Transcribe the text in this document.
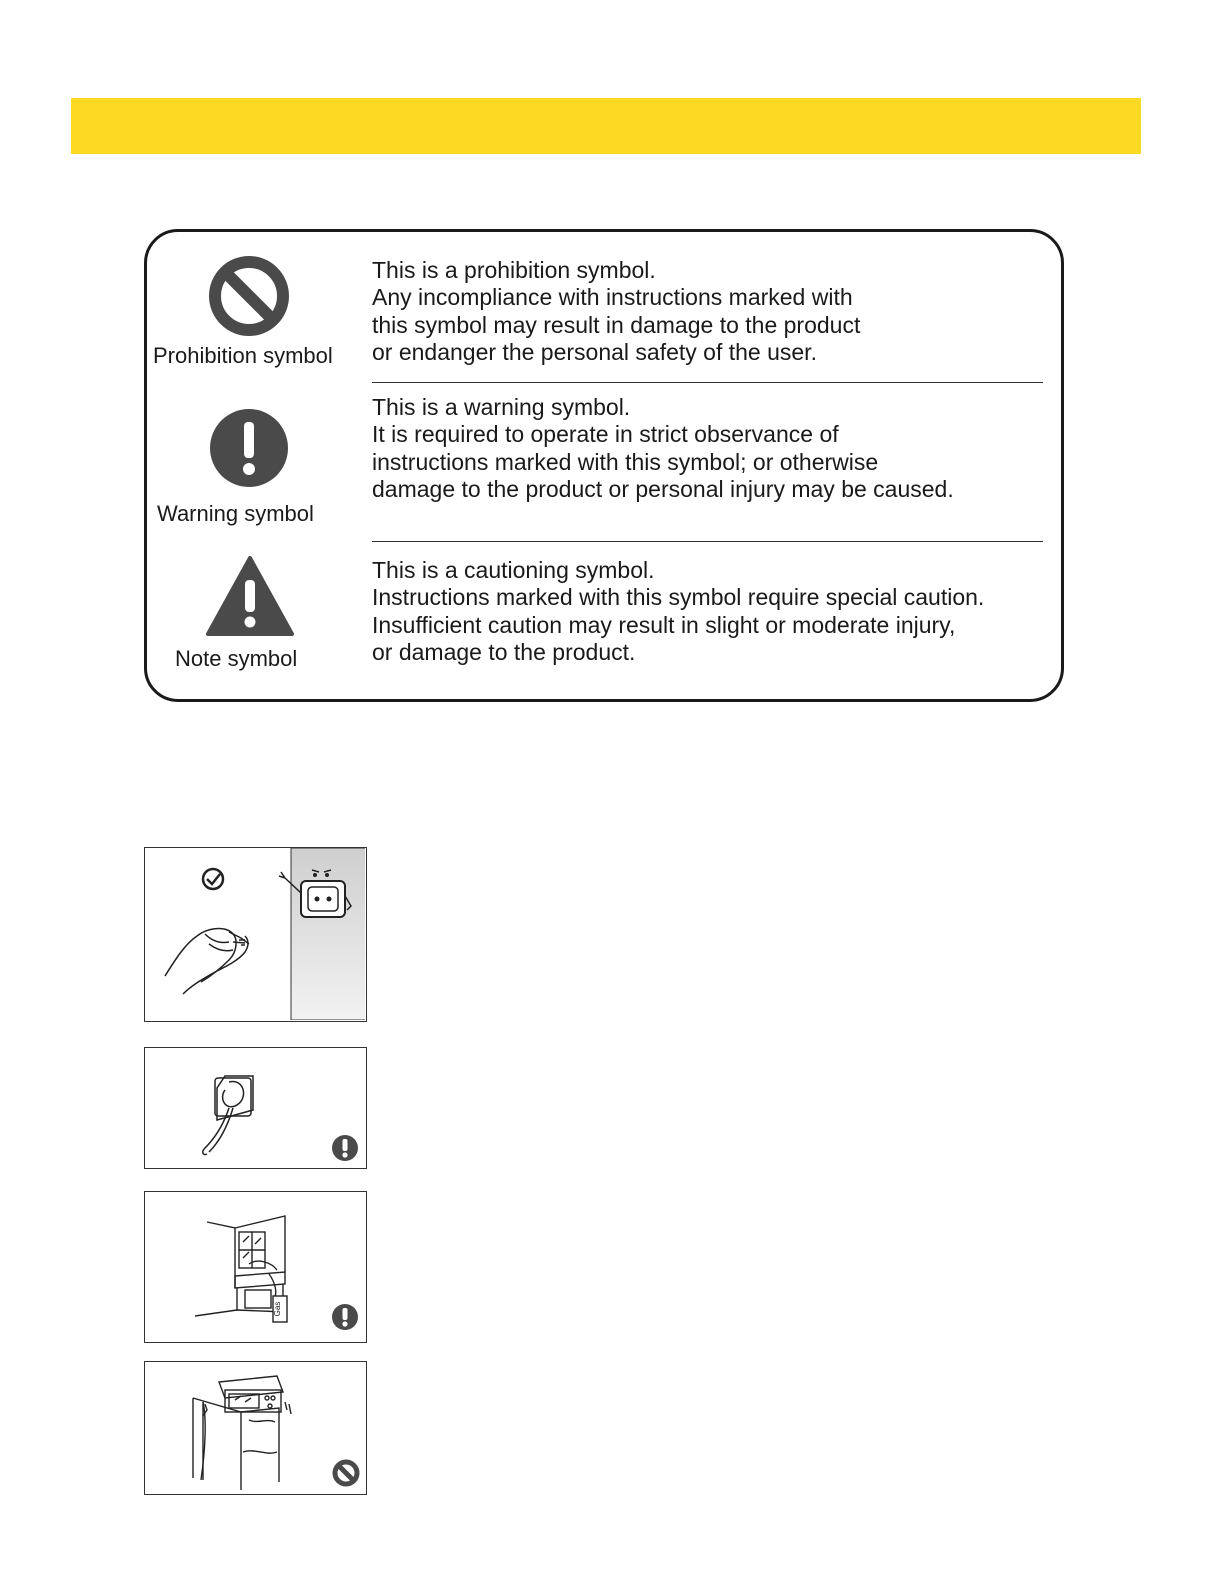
Prohibition symbol
This is a prohibition symbol.
Any incompliance with instructions marked with
this symbol may result in damage to the product
or endanger the personal safety of the user.
Warning symbol
This is a warning symbol.
It is required to operate in strict observance of
instructions marked with this symbol; or otherwise
damage to the product or personal injury may be caused.
Note symbol
This is a cautioning symbol.
Instructions marked with this symbol require special caution.
Insufficient caution may result in slight or moderate injury,
or damage to the product.
Gas
